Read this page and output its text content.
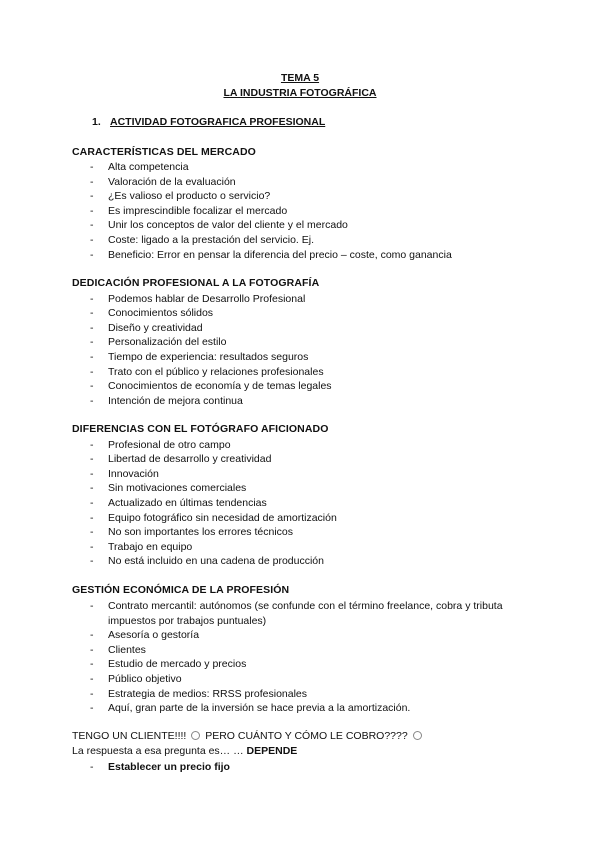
TEMA 5
LA INDUSTRIA FOTOGRÁFICA
1. ACTIVIDAD FOTOGRAFICA PROFESIONAL
CARACTERÍSTICAS DEL MERCADO
- Alta competencia
- Valoración de la evaluación
- ¿Es valioso el producto o servicio?
- Es imprescindible focalizar el mercado
- Unir los conceptos de valor del cliente y el mercado
- Coste: ligado a la prestación del servicio. Ej.
- Beneficio: Error en pensar la diferencia del precio – coste, como ganancia
DEDICACIÓN PROFESIONAL A LA FOTOGRAFÍA
- Podemos hablar de Desarrollo Profesional
- Conocimientos sólidos
- Diseño y creatividad
- Personalización del estilo
- Tiempo de experiencia: resultados seguros
- Trato con el público y relaciones profesionales
- Conocimientos de economía y de temas legales
- Intención de mejora continua
DIFERENCIAS CON EL FOTÓGRAFO AFICIONADO
- Profesional de otro campo
- Libertad de desarrollo y creatividad
- Innovación
- Sin motivaciones comerciales
- Actualizado en últimas tendencias
- Equipo fotográfico sin necesidad de amortización
- No son importantes los errores técnicos
- Trabajo en equipo
- No está incluido en una cadena de producción
GESTIÓN ECONÓMICA DE LA PROFESIÓN
- Contrato mercantil: autónomos (se confunde con el término freelance, cobra y tributa
impuestos por trabajos puntuales)
- Asesoría o gestoría
- Clientes
- Estudio de mercado y precios
- Público objetivo
- Estrategia de medios: RRSS profesionales
- Aquí, gran parte de la inversión se hace previa a la amortización.
TENGO UN CLIENTE!!!! PERO CUÁNTO Y CÓMO LE COBRO????
La respuesta a esa pregunta es… … DEPENDE
- Establecer un precio fijo
